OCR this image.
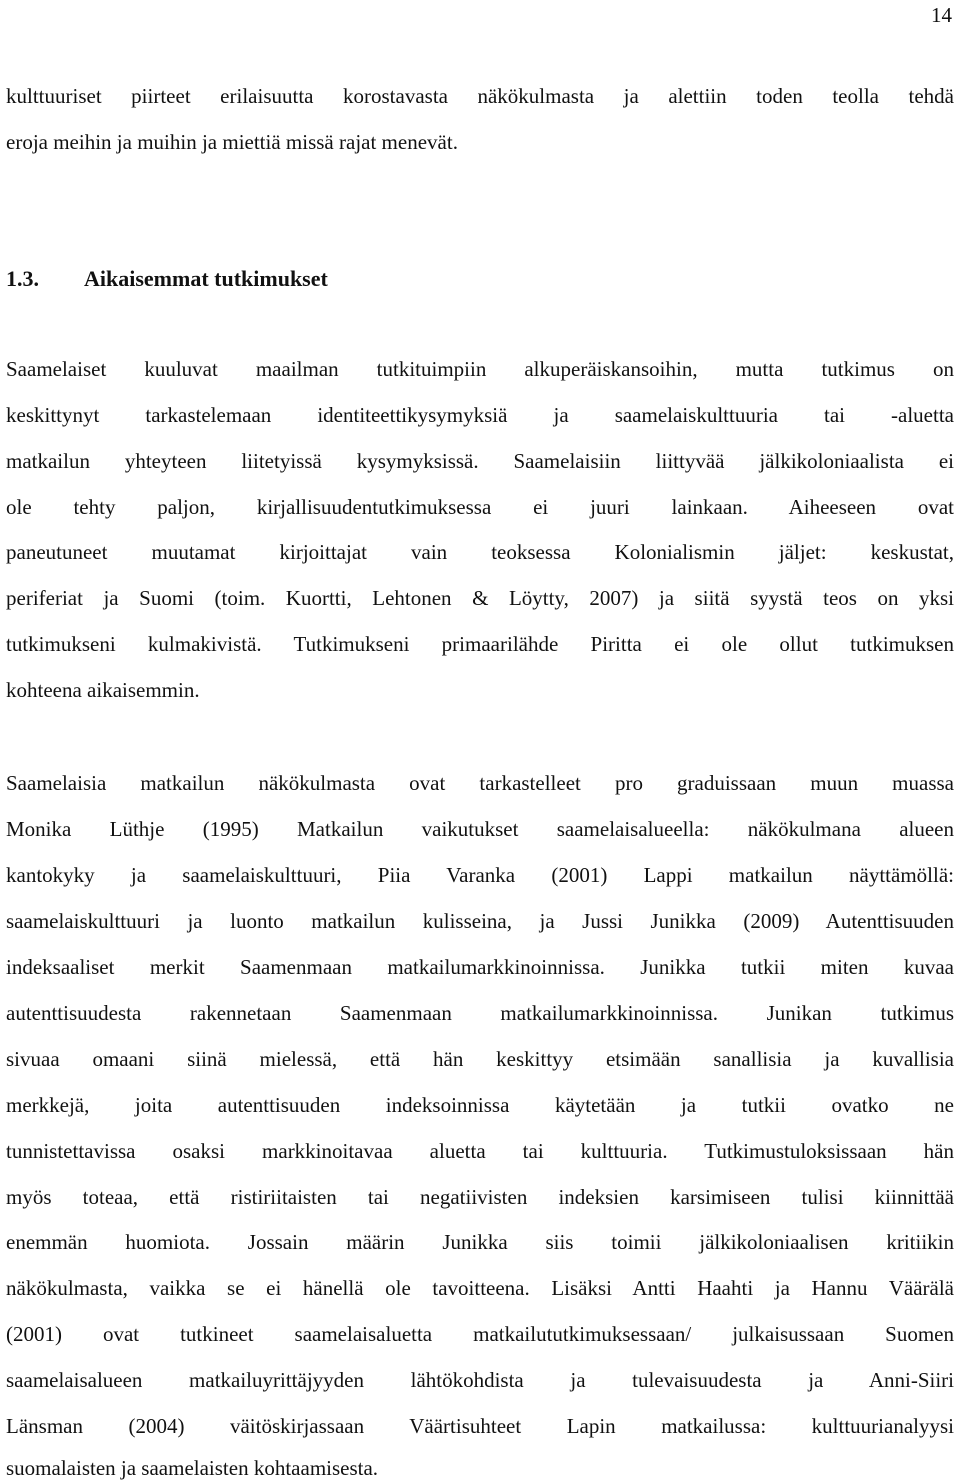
14
kulttuuriset piirteet erilaisuutta korostavasta näkökulmasta ja alettiin toden teolla tehdä
eroja meihin ja muihin ja miettiä missä rajat menevät.
1.3. Aikaisemmat tutkimukset
Saamelaiset kuuluvat maailman tutkituimpiin alkuperäiskansoihin, mutta tutkimus on
keskittynyt tarkastelemaan identiteettikysymyksiä ja saamelaiskulttuuria tai -aluetta
matkailun yhteyteen liitetyissä kysymyksissä. Saamelaisiin liittyvää jälkikoloniaalista ei
ole tehty paljon, kirjallisuudentutkimuksessa ei juuri lainkaan. Aiheeseen ovat
paneutuneet muutamat kirjoittajat vain teoksessa Kolonialismin jäljet: keskustat,
periferiat ja Suomi (toim. Kuortti, Lehtonen & Löytty, 2007) ja siitä syystä teos on yksi
tutkimukseni kulmakivistä. Tutkimukseni primaarilähde Piritta ei ole ollut tutkimuksen
kohteena aikaisemmin.
Saamelaisia matkailun näkökulmasta ovat tarkastelleet pro graduissaan muun muassa
Monika Lüthje (1995) Matkailun vaikutukset saamelaisalueella: näkökulmana alueen
kantokyky ja saamelaiskulttuuri, Piia Varanka (2001) Lappi matkailun näyttämöllä:
saamelaiskulttuuri ja luonto matkailun kulisseina, ja Jussi Junikka (2009) Autenttisuuden
indeksaaliset merkit Saamenmaan matkailumarkkinoinnissa. Junikka tutkii miten kuvaa
autenttisuudesta rakennetaan Saamenmaan matkailumarkkinoinnissa. Junikan tutkimus
sivuaa omaani siinä mielessä, että hän keskittyy etsimään sanallisia ja kuvallisia
merkkejä, joita autenttisuuden indeksoinnissa käytetään ja tutkii ovatko ne
tunnistettavissa osaksi markkinoitavaa aluetta tai kulttuuria. Tutkimustuloksissaan hän
myös toteaa, että ristiriitaisten tai negatiivisten indeksien karsimiseen tulisi kiinnittää
enemmän huomiota. Jossain määrin Junikka siis toimii jälkikoloniaalisen kritiikin
näkökulmasta, vaikka se ei hänellä ole tavoitteena. Lisäksi Antti Haahti ja Hannu Väärälä
(2001) ovat tutkineet saamelaisaluetta matkailututkimuksessaan/ julkaisussaan Suomen
saamelaisalueen matkailuyrittäjyyden lähtökohdista ja tulevaisuudesta ja Anni-Siiri
Länsman (2004) väitöskirjassaan Väärtisuhteet Lapin matkailussa: kulttuurianalyysi
suomalaisten ja saamelaisten kohtaamisesta.
